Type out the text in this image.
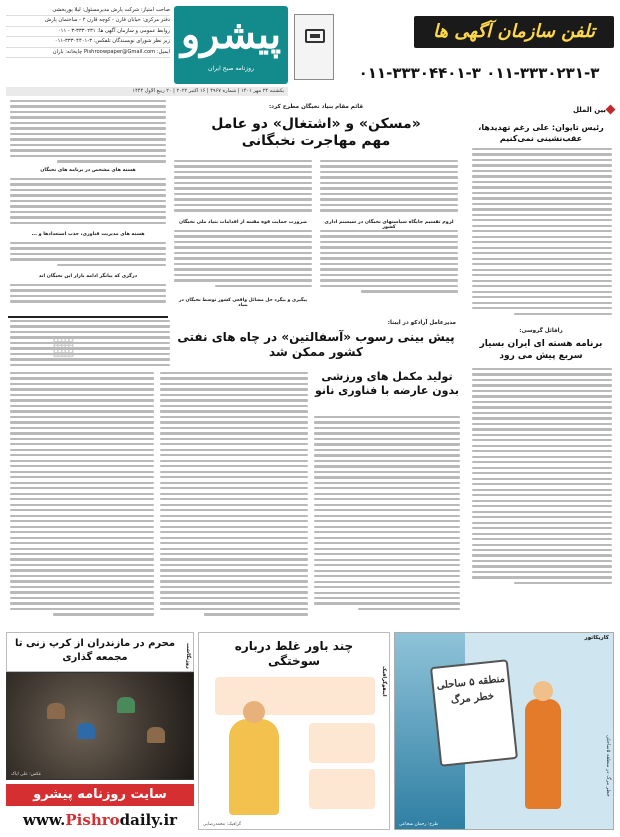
صاحب امتیاز: شرکت پارش مدیرمسئول: لیلا پوربخشی
دفتر مرکزی: خیابان قارن - کوچه قارن ۲ - ساختمان پارش
روابط عمومی و سازمان آگهی ها: ۳۳۳۰۲۳۱-۳ - ۰۱۱
زیر نظر شورای نویسندگان تلفکس: ۳-۳۳۳۰۴۴۰۱-۰۱۱
ایمیل: Pishroowpaper@Gmail.com چاپخانه: باران پیشرو
روزنامه صبح ایران
تلفن سازمان آگهی ها
۰۱۱-۳۳۳۰۲۳۱-۳ ۰۱۱-۳۳۳۰۴۴۰۱-۳
یکشنبه ۲۴ مهر ۱۴۰۱ | شماره ۴۹۶۷ | ۱۶ اکتبر ۲۰۲۲ | ۲۰ ربیع الاول ۱۴۴۴
بین الملل
رئیس تایوان: علی رغم تهدیدها، عقب‌نشینی نمی‌کنیم
رافائل گروسی:
برنامه هسته ای ایران بسیار سریع پیش می رود
قائم مقام بنیاد نخبگان مطرح کرد:
«مسکن» و «اشتغال» دو عامل مهم مهاجرت نخبگانی
لزوم تقسیم جایگاه سیاستهای نخبگان در سیستم اداری کشور
ضرورت حمایت قوه مقننه از اقدامات بنیاد ملی نخبگان
پیگیری و پیگرد حل مسائل واقعی کشور توسط نخبگان در بنیاد
هسته های مشخص در برنامه های نخبگان
هسته های مدیریت فناوری، جذب استعدادها و ...
درگزی که بیانگر ادامه بازار این نخبگان اند
▦
مدیرعامل آرادکو در ایبنا:
پیش بینی رسوب «آسفالتین» در چاه های نفتی کشور ممکن شد
تولید مکمل های ورزشی بدون عارضه با فناوری نانو
روزنگاشت
محرم در مازندران از کرپ زنی تا مجمعه گذاری
عکس: علی ایاک
سایت روزنامه پیشرو
www.Pishrodaily.ir
اینفوگرافیک
چند باور غلط درباره سوختگی
گرافیک: محمدرضایی
کاریکاتور
خطر مرگ در منطقه ۵ساحلی
منطقه ۵ ساحلی خطر مرگ
طرح: رحمان شجاعی
